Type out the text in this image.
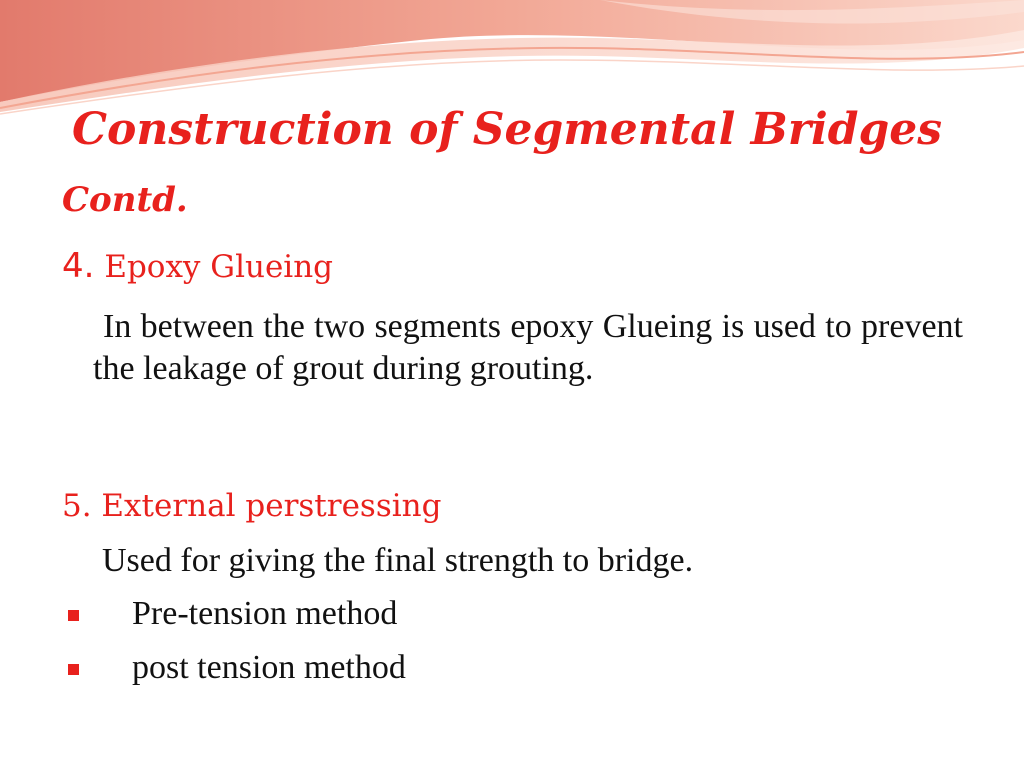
Construction of Segmental Bridges

Contd.

4. Epoxy Glueing

In between the two segments epoxy Glueing is used to prevent the leakage of grout during grouting.

5. External perstressing

Used for giving the final strength to bridge.

Pre-tension method
post tension method
